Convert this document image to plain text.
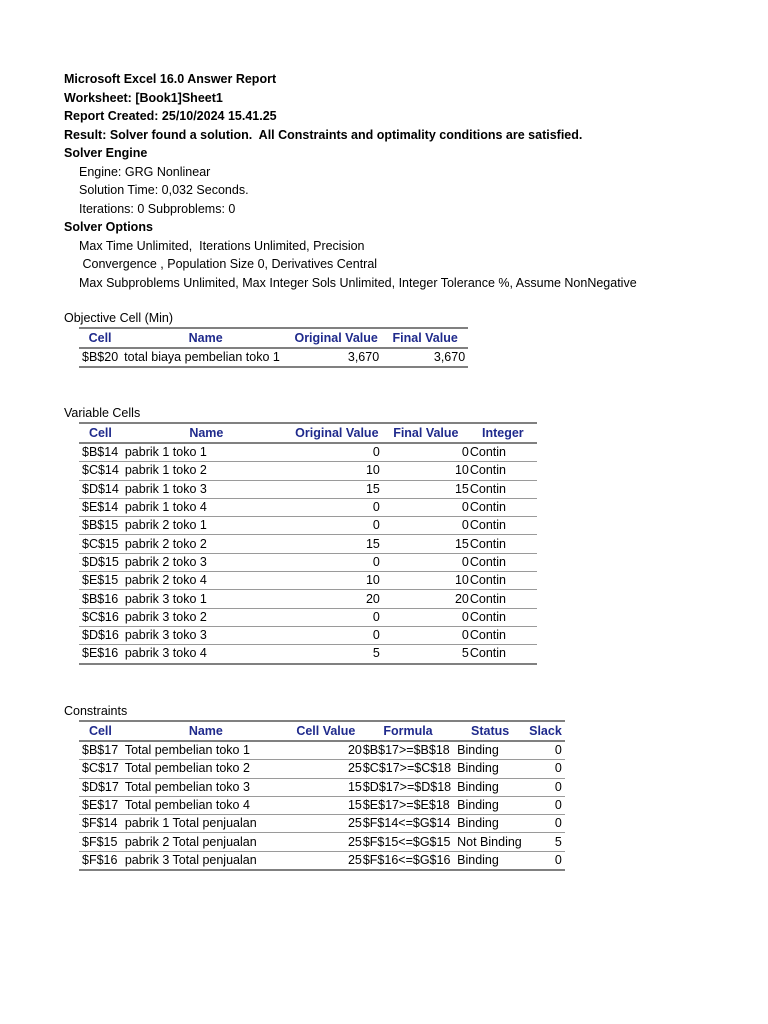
Microsoft Excel 16.0 Answer Report
Worksheet: [Book1]Sheet1
Report Created: 25/10/2024 15.41.25
Result: Solver found a solution.  All Constraints and optimality conditions are satisfied.
Solver Engine
Engine: GRG Nonlinear
Solution Time: 0,032 Seconds.
Iterations: 0 Subproblems: 0
Solver Options
Max Time Unlimited,  Iterations Unlimited, Precision
Convergence , Population Size 0, Derivatives Central
Max Subproblems Unlimited, Max Integer Sols Unlimited, Integer Tolerance %, Assume NonNegative
Objective Cell (Min)
Cell	Name	Original Value	Final Value
$B$20	total biaya pembelian toko 1	3,670	3,670
Variable Cells
Cell	Name	Original Value	Final Value	Integer
$B$14	pabrik 1 toko 1	0	0	Contin
$C$14	pabrik 1 toko 2	10	10	Contin
$D$14	pabrik 1 toko 3	15	15	Contin
$E$14	pabrik 1 toko 4	0	0	Contin
$B$15	pabrik 2 toko 1	0	0	Contin
$C$15	pabrik 2 toko 2	15	15	Contin
$D$15	pabrik 2 toko 3	0	0	Contin
$E$15	pabrik 2 toko 4	10	10	Contin
$B$16	pabrik 3 toko 1	20	20	Contin
$C$16	pabrik 3 toko 2	0	0	Contin
$D$16	pabrik 3 toko 3	0	0	Contin
$E$16	pabrik 3 toko 4	5	5	Contin
Constraints
Cell	Name	Cell Value	Formula	Status	Slack
$B$17	Total pembelian toko 1	20	$B$17>=$B$18	Binding	0
$C$17	Total pembelian toko 2	25	$C$17>=$C$18	Binding	0
$D$17	Total pembelian toko 3	15	$D$17>=$D$18	Binding	0
$E$17	Total pembelian toko 4	15	$E$17>=$E$18	Binding	0
$F$14	pabrik 1 Total penjualan	25	$F$14<=$G$14	Binding	0
$F$15	pabrik 2 Total penjualan	25	$F$15<=$G$15	Not Binding	5
$F$16	pabrik 3 Total penjualan	25	$F$16<=$G$16	Binding	0
